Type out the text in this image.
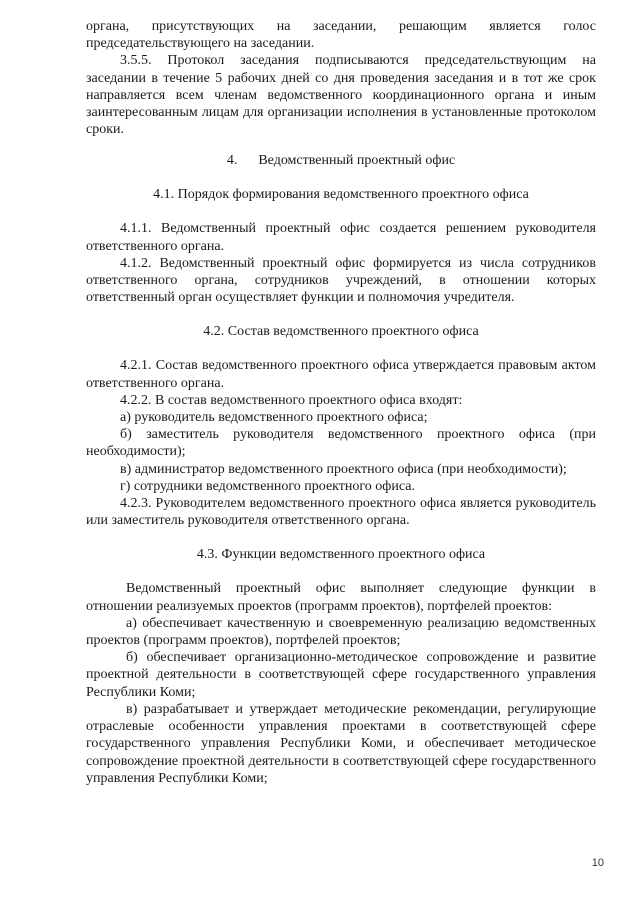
органа, присутствующих на заседании, решающим является голос председательствующего на заседании.

3.5.5. Протокол заседания подписываются председательствующим на заседании в течение 5 рабочих дней со дня проведения заседания и в тот же срок направляется всем членам ведомственного координационного органа и иным заинтересованным лицам для организации исполнения в установленные протоколом сроки.

4. Ведомственный проектный офис

4.1. Порядок формирования ведомственного проектного офиса

4.1.1. Ведомственный проектный офис создается решением руководителя ответственного органа.

4.1.2. Ведомственный проектный офис формируется из числа сотрудников ответственного органа, сотрудников учреждений, в отношении которых ответственный орган осуществляет функции и полномочия учредителя.

4.2. Состав ведомственного проектного офиса

4.2.1. Состав ведомственного проектного офиса утверждается правовым актом ответственного органа.

4.2.2. В состав ведомственного проектного офиса входят:

а) руководитель ведомственного проектного офиса;

б) заместитель руководителя ведомственного проектного офиса (при необходимости);

в) администратор ведомственного проектного офиса (при необходимости);

г) сотрудники ведомственного проектного офиса.

4.2.3. Руководителем ведомственного проектного офиса является руководитель или заместитель руководителя ответственного органа.

4.3. Функции ведомственного проектного офиса

Ведомственный проектный офис выполняет следующие функции в отношении реализуемых проектов (программ проектов), портфелей проектов:

а) обеспечивает качественную и своевременную реализацию ведомственных проектов (программ проектов), портфелей проектов;

б) обеспечивает организационно-методическое сопровождение и развитие проектной деятельности в соответствующей сфере государственного управления Республики Коми;

в) разрабатывает и утверждает методические рекомендации, регулирующие отраслевые особенности управления проектами в соответствующей сфере государственного управления Республики Коми, и обеспечивает методическое сопровождение проектной деятельности в соответствующей сфере государственного управления Республики Коми;

10
